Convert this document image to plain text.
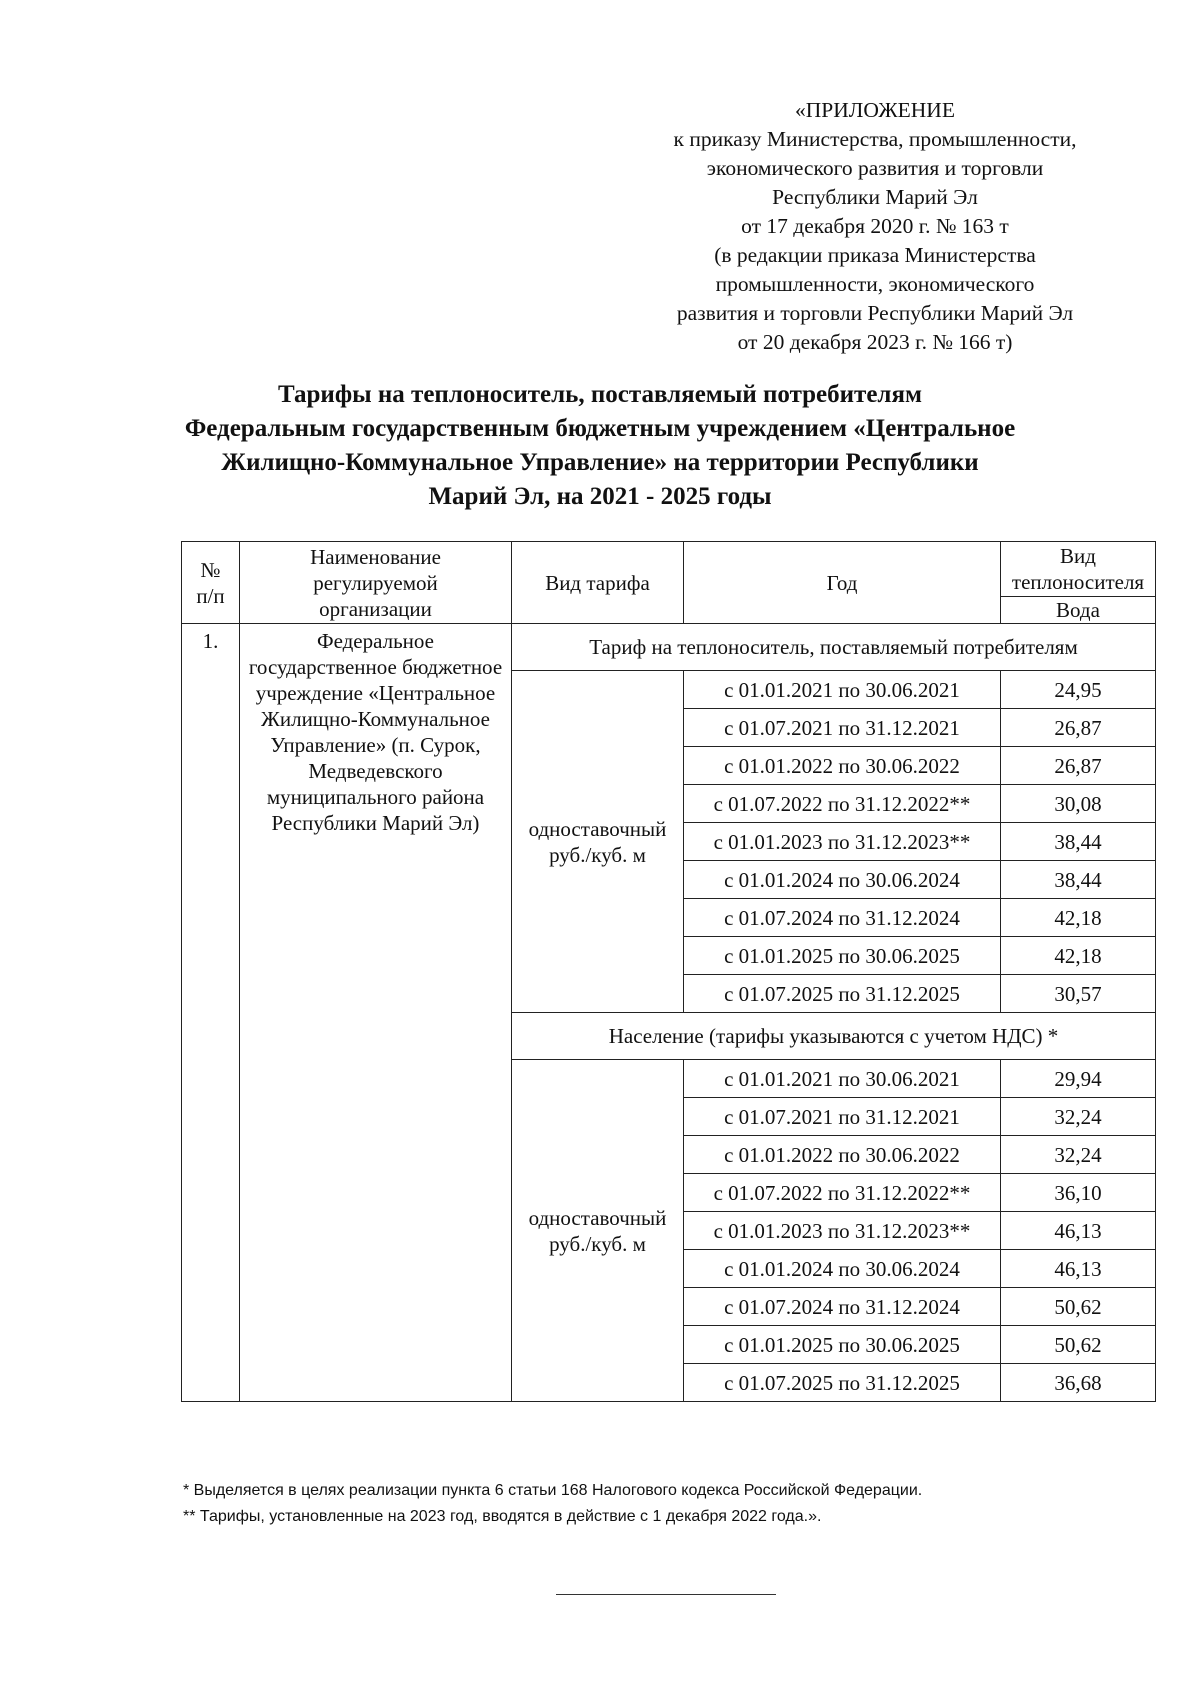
«ПРИЛОЖЕНИЕ
к приказу Министерства, промышленности,
экономического развития и торговли
Республики Марий Эл
от 17 декабря 2020 г. № 163 т
(в редакции приказа Министерства
промышленности, экономического
развития и торговли Республики Марий Эл
от 20 декабря 2023 г. № 166 т)
Тарифы на теплоноситель, поставляемый потребителям
Федеральным государственным бюджетным учреждением «Центральное
Жилищно-Коммунальное Управление» на территории Республики
Марий Эл, на 2021 - 2025 годы
№ п/п	Наименование регулируемой организации	Вид тарифа	Год	Вид теплоносителя
				Вода
1.	Федеральное государственное бюджетное учреждение «Центральное Жилищно-Коммунальное Управление» (п. Сурок, Медведевского муниципального района Республики Марий Эл)	Тариф на теплоноситель, поставляемый потребителям		
		одноставочный руб./куб. м	с 01.01.2021 по 30.06.2021	24,95
			с 01.07.2021 по 31.12.2021	26,87
			с 01.01.2022 по 30.06.2022	26,87
			с 01.07.2022 по 31.12.2022**	30,08
			с 01.01.2023 по 31.12.2023**	38,44
			с 01.01.2024 по 30.06.2024	38,44
			с 01.07.2024 по 31.12.2024	42,18
			с 01.01.2025 по 30.06.2025	42,18
			с 01.07.2025 по 31.12.2025	30,57
		Население (тарифы указываются с учетом НДС) *		
		одноставочный руб./куб. м	с 01.01.2021 по 30.06.2021	29,94
			с 01.07.2021 по 31.12.2021	32,24
			с 01.01.2022 по 30.06.2022	32,24
			с 01.07.2022 по 31.12.2022**	36,10
			с 01.01.2023 по 31.12.2023**	46,13
			с 01.01.2024 по 30.06.2024	46,13
			с 01.07.2024 по 31.12.2024	50,62
			с 01.01.2025 по 30.06.2025	50,62
			с 01.07.2025 по 31.12.2025	36,68
* Выделяется в целях реализации пункта 6 статьи 168 Налогового кодекса Российской Федерации.
** Тарифы, установленные на 2023 год, вводятся в действие с 1 декабря 2022 года.».
